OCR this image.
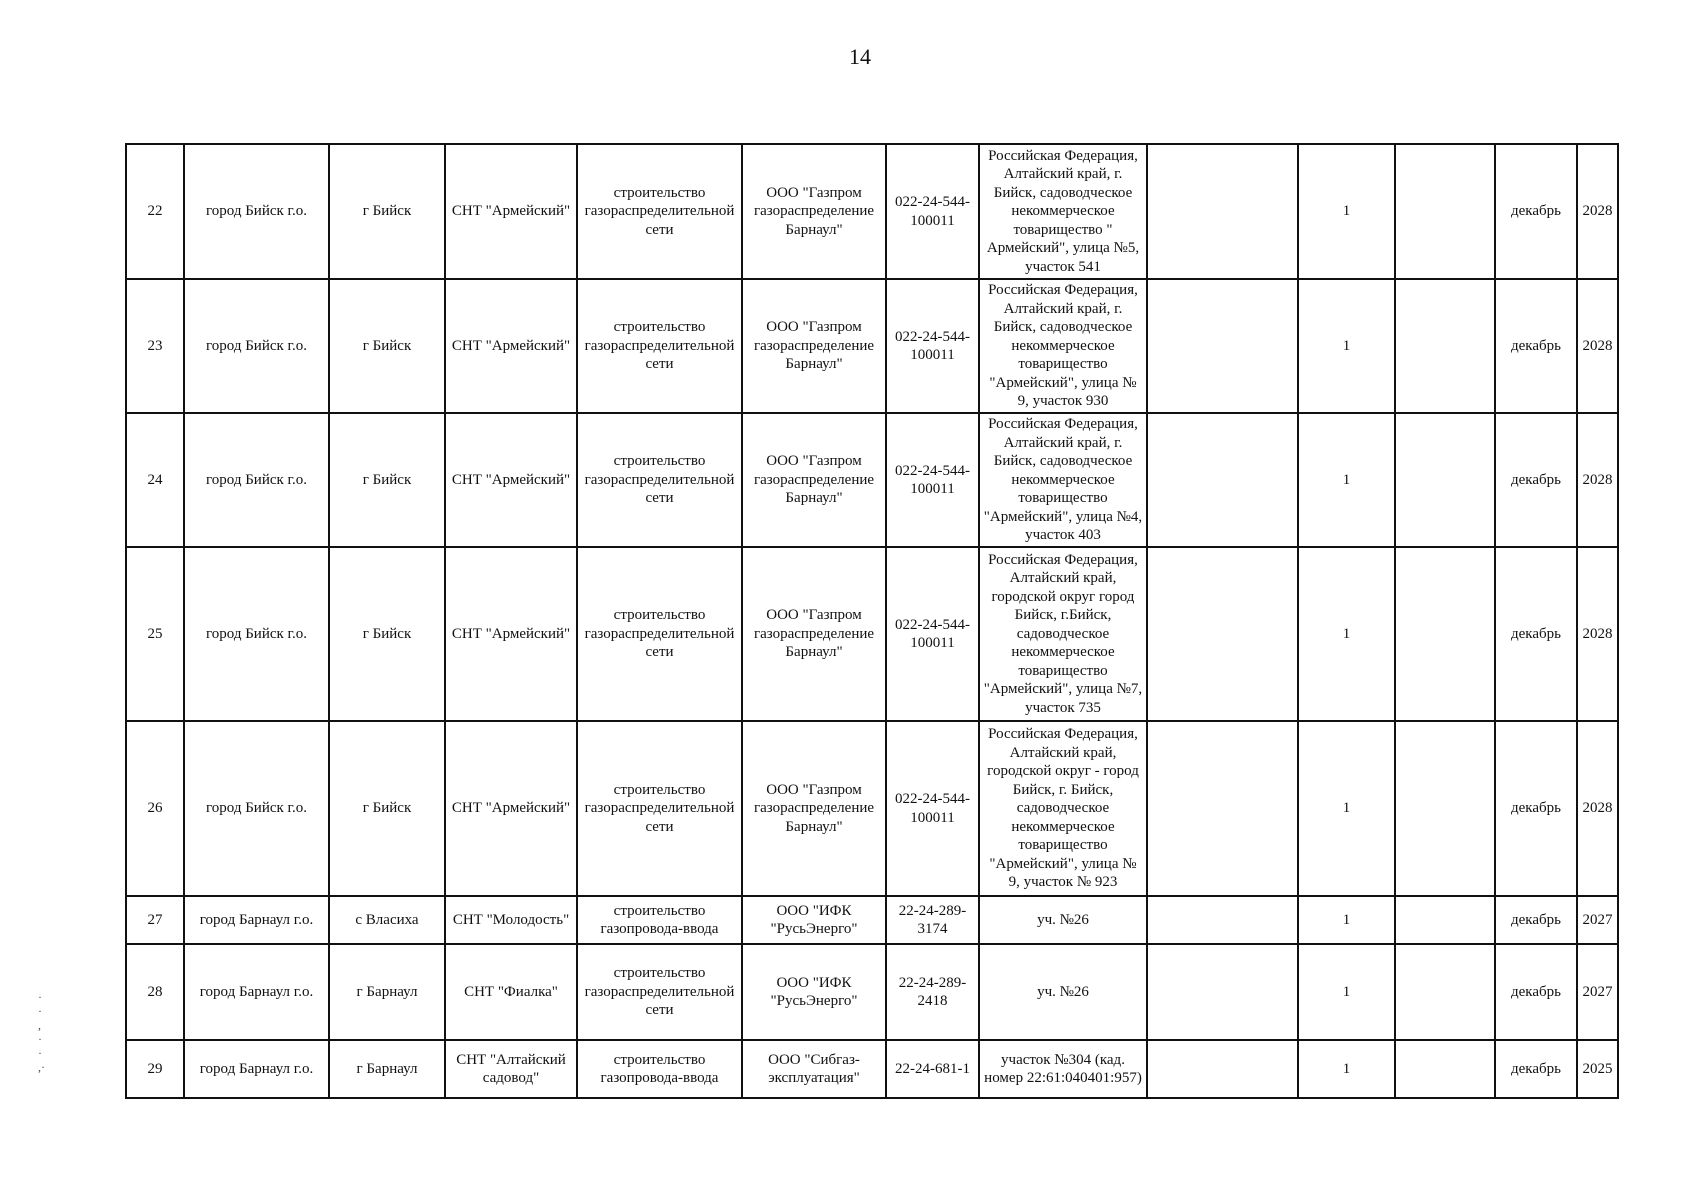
14
22	город Бийск г.о.	г Бийск	СНТ "Армейский"	строительство газораспределительной сети	ООО "Газпром газораспределение Барнаул"	022-24-544-100011	Российская Федерация, Алтайский край, г. Бийск, садоводческое некоммерческое товарищество " Армейский", улица №5, участок 541		1		декабрь	2028
23	город Бийск г.о.	г Бийск	СНТ "Армейский"	строительство газораспределительной сети	ООО "Газпром газораспределение Барнаул"	022-24-544-100011	Российская Федерация, Алтайский край, г. Бийск, садоводческое некоммерческое товарищество "Армейский", улица № 9, участок 930		1		декабрь	2028
24	город Бийск г.о.	г Бийск	СНТ "Армейский"	строительство газораспределительной сети	ООО "Газпром газораспределение Барнаул"	022-24-544-100011	Российская Федерация, Алтайский край, г. Бийск, садоводческое некоммерческое товарищество "Армейский", улица №4, участок 403		1		декабрь	2028
25	город Бийск г.о.	г Бийск	СНТ "Армейский"	строительство газораспределительной сети	ООО "Газпром газораспределение Барнаул"	022-24-544-100011	Российская Федерация, Алтайский край, городской округ город Бийск, г.Бийск, садоводческое некоммерческое товарищество "Армейский", улица №7, участок 735		1		декабрь	2028
26	город Бийск г.о.	г Бийск	СНТ "Армейский"	строительство газораспределительной сети	ООО "Газпром газораспределение Барнаул"	022-24-544-100011	Российская Федерация, Алтайский край, городской округ - город Бийск, г. Бийск, садоводческое некоммерческое товарищество "Армейский", улица № 9, участок № 923		1		декабрь	2028
27	город Барнаул г.о.	с Власиха	СНТ "Молодость"	строительство газопровода-ввода	ООО "ИФК "РусьЭнерго"	22-24-289-3174	уч. №26		1		декабрь	2027
28	город Барнаул г.о.	г Барнаул	СНТ "Фиалка"	строительство газораспределительной сети	ООО "ИФК "РусьЭнерго"	22-24-289-2418	уч. №26		1		декабрь	2027
29	город Барнаул г.о.	г Барнаул	СНТ "Алтайский садовод"	строительство газопровода-ввода	ООО "Сибгаз-эксплуатация"	22-24-681-1	участок №304 (кад. номер 22:61:040401:957)		1		декабрь	2025
·
·
,
·
·
,·
